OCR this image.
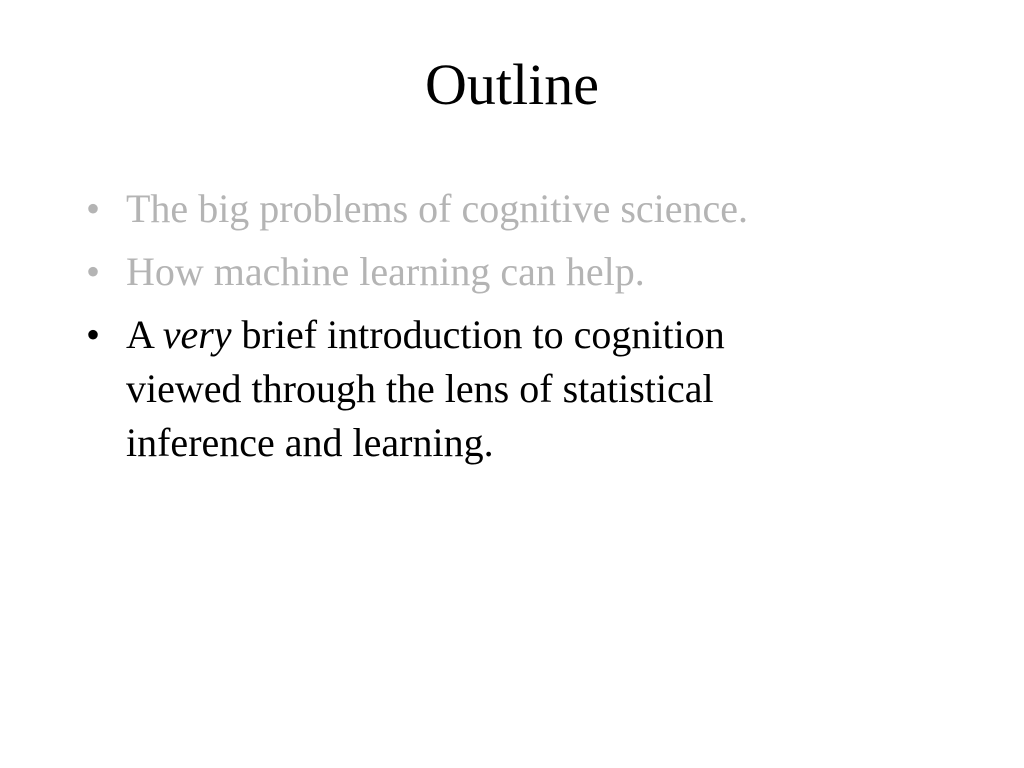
Outline
• The big problems of cognitive science.
• How machine learning can help.
• A very brief introduction to cognition viewed through the lens of statistical inference and learning.
